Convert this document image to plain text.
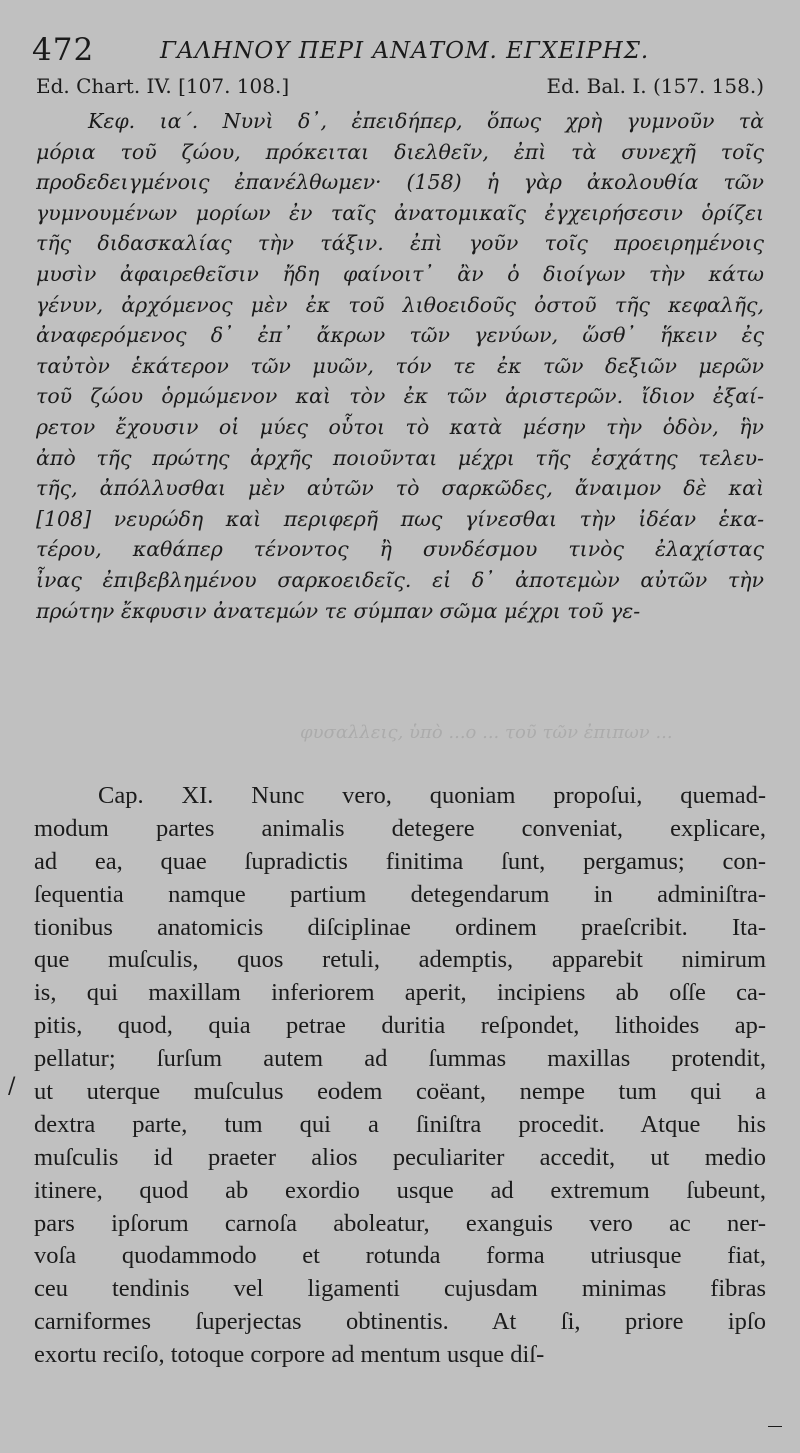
472	ΓΑΛΗΝΟΥ ΠΕΡΙ ΑΝΑΤΟΜ. ΕΓΧΕΙΡΗΣ.
Ed. Chart. IV. [107. 108.]	Ed. Bal. I. (157. 158.)
Κεφ. ια΄. Νυνὶ δ᾽, ἐπειδήπερ, ὅπως χρὴ γυμνοῦν τὰ
μόρια τοῦ ζώου, πρόκειται διελθεῖν, ἐπὶ τὰ συνεχῆ τοῖς
προδεδειγμένοις ἐπανέλθωμεν· (158) ἡ γὰρ ἀκολουθία τῶν
γυμνουμένων μορίων ἐν ταῖς ἀνατομικαῖς ἐγχειρήσεσιν ὁρίζει
τῆς διδασκαλίας τὴν τάξιν. ἐπὶ γοῦν τοῖς προειρημένοις
μυσὶν ἀφαιρεθεῖσιν ἤδη φαίνοιτ᾽ ἂν ὁ διοίγων τὴν κάτω
γένυν, ἀρχόμενος μὲν ἐκ τοῦ λιθοειδοῦς ὀστοῦ τῆς κεφαλῆς,
ἀναφερόμενος δ᾽ ἐπ᾽ ἄκρων τῶν γενύων, ὥσθ᾽ ἥκειν ἐς
ταὐτὸν ἑκάτερον τῶν μυῶν, τόν τε ἐκ τῶν δεξιῶν μερῶν
τοῦ ζώου ὁρμώμενον καὶ τὸν ἐκ τῶν ἀριστερῶν. ἴδιον ἐξαί-
ρετον ἔχουσιν οἱ μύες οὗτοι τὸ κατὰ μέσην τὴν ὁδὸν, ἣν
ἀπὸ τῆς πρώτης ἀρχῆς ποιοῦνται μέχρι τῆς ἐσχάτης τελευ-
τῆς, ἀπόλλυσθαι μὲν αὐτῶν τὸ σαρκῶδες, ἄναιμον δὲ καὶ
[108] νευρώδη καὶ περιφερῆ πως γίνεσθαι τὴν ἰδέαν ἑκα-
τέρου, καθάπερ τένοντος ἢ συνδέσμου τινὸς ἐλαχίστας
ἶνας ἐπιβεβλημένου σαρκοειδεῖς. εἰ δ᾽ ἀποτεμὼν αὐτῶν τὴν
πρώτην ἔκφυσιν ἀνατεμών τε σύμπαν σῶμα μέχρι τοῦ γε-
φυσαλλεις, ὑπὸ ...ο ... τοῦ τῶν ἐπιπων ...
Cap. XI. Nunc vero, quoniam propoſui, quemad-
modum partes animalis detegere conveniat, explicare,
ad ea, quae ſupradictis finitima ſunt, pergamus; con-
ſequentia namque partium detegendarum in adminiſtra-
tionibus anatomicis diſciplinae ordinem praeſcribit. Ita-
que muſculis, quos retuli, ademptis, apparebit nimirum
is, qui maxillam inferiorem aperit, incipiens ab oſſe ca-
pitis, quod, quia petrae duritia reſpondet, lithoides ap-
pellatur; ſurſum autem ad ſummas maxillas protendit,
ut uterque muſculus eodem coëant, nempe tum qui a
dextra parte, tum qui a ſiniſtra procedit. Atque his
muſculis id praeter alios peculiariter accedit, ut medio
itinere, quod ab exordio usque ad extremum ſubeunt,
pars ipſorum carnoſa aboleatur, exanguis vero ac ner-
voſa quodammodo et rotunda forma utriusque fiat,
ceu tendinis vel ligamenti cujusdam minimas fibras
carniformes ſuperjectas obtinentis. At ſi, priore ipſo
exortu reciſo, totoque corpore ad mentum usque diſ-
/
